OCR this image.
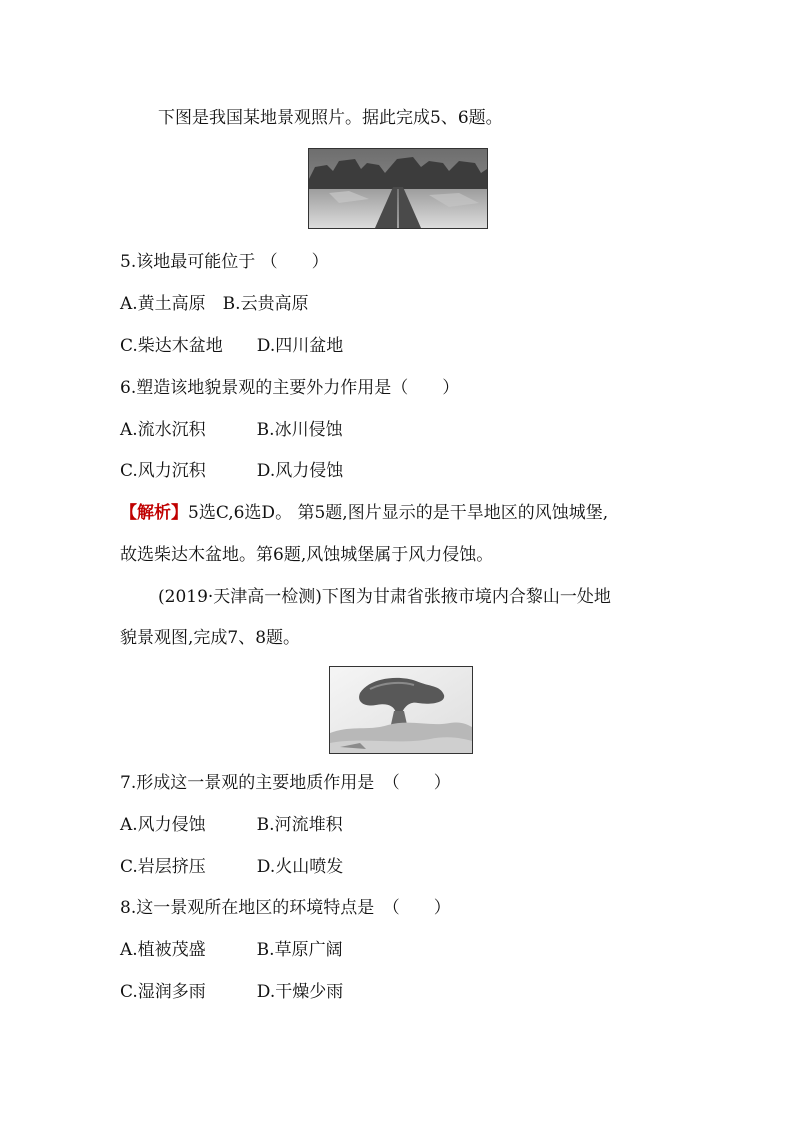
下图是我国某地景观照片。据此完成5、6题。
5.该地最可能位于 （　　）
A.黄土高原　B.云贵高原
C.柴达木盆地　　D.四川盆地
6.塑造该地貌景观的主要外力作用是（　　）
A.流水沉积　　　B.冰川侵蚀
C.风力沉积　　　D.风力侵蚀
【解析】5选C,6选D。 第5题,图片显示的是干旱地区的风蚀城堡,
故选柴达木盆地。第6题,风蚀城堡属于风力侵蚀。
(2019·天津高一检测)下图为甘肃省张掖市境内合黎山一处地
貌景观图,完成7、8题。
7.形成这一景观的主要地质作用是　（　　）
A.风力侵蚀　　　B.河流堆积
C.岩层挤压　　　D.火山喷发
8.这一景观所在地区的环境特点是　（　　）
A.植被茂盛　　　B.草原广阔
C.湿润多雨　　　D.干燥少雨
